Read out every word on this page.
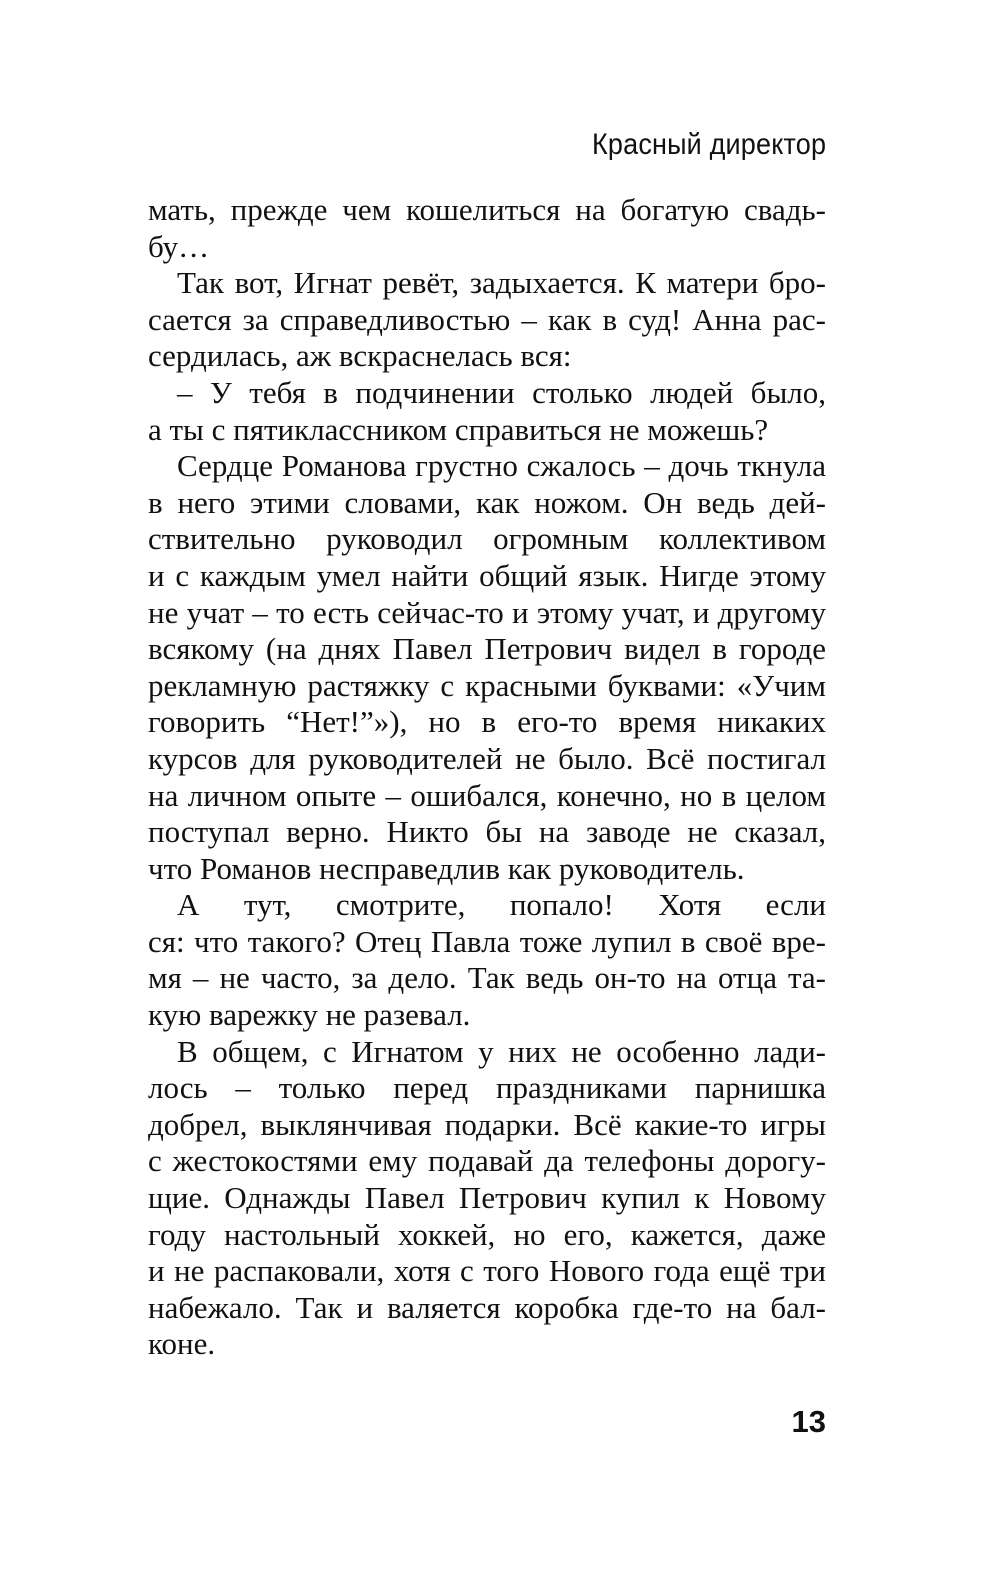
Красный директор
мать, прежде чем кошелиться на богатую свадь-
бу…
Так вот, Игнат ревёт, задыхается. К матери бро-
сается за справедливостью – как в суд! Анна рас-
сердилась, аж вскраснелась вся:
– У тебя в подчинении столько людей было,
а ты с пятиклассником справиться не можешь?
Сердце Романова грустно сжалось – дочь ткнула
в него этими словами, как ножом. Он ведь дей-
ствительно руководил огромным коллективом
и с каждым умел найти общий язык. Нигде этому
не учат – то есть сейчас-то и этому учат, и другому
всякому (на днях Павел Петрович видел в городе
рекламную растяжку с красными буквами: «Учим
говорить “Нет!”»), но в его-то время никаких
курсов для руководителей не было. Всё постигал
на личном опыте – ошибался, конечно, но в целом
поступал верно. Никто бы на заводе не сказал,
что Романов несправедлив как руководитель.
А тут, смотрите, попало! Хотя если
ся: что такого? Отец Павла тоже лупил в своё вре-
мя – не часто, за дело. Так ведь он-то на отца та-
кую варежку не разевал.
В общем, с Игнатом у них не особенно лади-
лось – только перед праздниками парнишка
добрел, выклянчивая подарки. Всё какие-то игры
с жестокостями ему подавай да телефоны дорогу-
щие. Однажды Павел Петрович купил к Новому
году настольный хоккей, но его, кажется, даже
и не распаковали, хотя с того Нового года ещё три
набежало. Так и валяется коробка где-то на бал-
коне.
13
